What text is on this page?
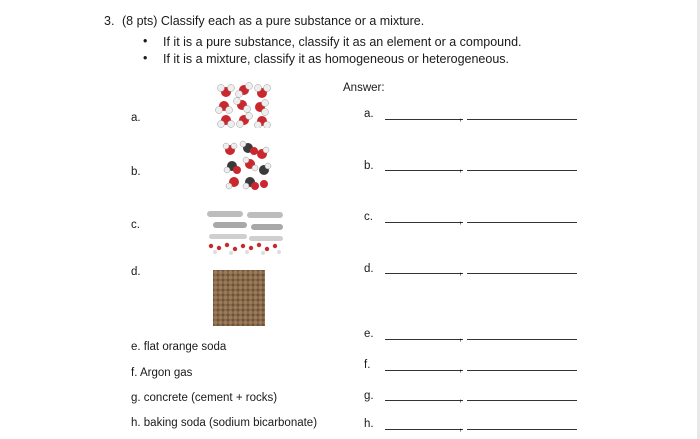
3. (8 pts) Classify each as a pure substance or a mixture.
• If it is a pure substance, classify it as an element or a compound.
• If it is a mixture, classify it as homogeneous or heterogeneous.
a.
b.
c.
d.
e. flat orange soda
f. Argon gas
g. concrete (cement + rocks)
h. baking soda (sodium bicarbonate)
Answer:
a.	,
b.	,
c.	,
d.	,
e.	,
f.	,
g.	,
h.	,
